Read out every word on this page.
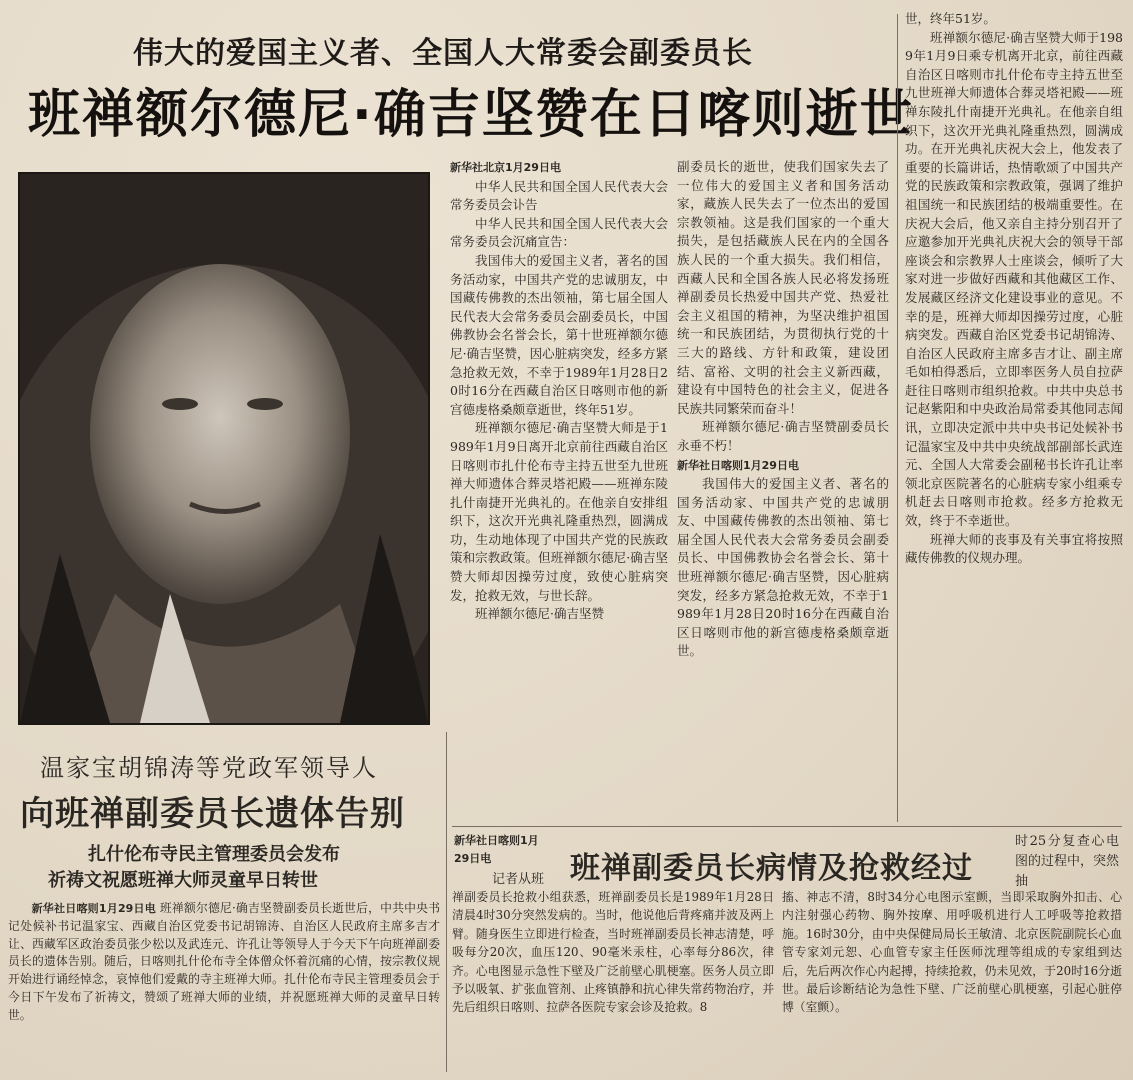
伟大的爱国主义者、全国人大常委会副委员长
班禅额尔德尼·确吉坚赞在日喀则逝世

新华社北京1月29日电

中华人民共和国全国人民代表大会常务委员会讣告

中华人民共和国全国人民代表大会常务委员会沉痛宣告：

我国伟大的爱国主义者，著名的国务活动家，中国共产党的忠诚朋友，中国藏传佛教的杰出领袖，第七届全国人民代表大会常务委员会副委员长，中国佛教协会名誉会长，第十世班禅额尔德尼·确吉坚赞，因心脏病突发，经多方紧急抢救无效，不幸于1989年1月28日20时16分在西藏自治区日喀则市他的新宫德虔格桑颇章逝世，终年51岁。

班禅额尔德尼·确吉坚赞大师是于1989年1月9日离开北京前往西藏自治区日喀则市扎什伦布寺主持五世至九世班禅大师遗体合葬灵塔祀殿——班禅东陵扎什南捷开光典礼的。在他亲自安排组织下，这次开光典礼隆重热烈，圆满成功，生动地体现了中国共产党的民族政策和宗教政策。但班禅额尔德尼·确吉坚赞大师却因操劳过度，致使心脏病突发，抢救无效，与世长辞。

班禅额尔德尼·确吉坚赞

副委员长的逝世，使我们国家失去了一位伟大的爱国主义者和国务活动家，藏族人民失去了一位杰出的爱国宗教领袖。这是我们国家的一个重大损失，是包括藏族人民在内的全国各族人民的一个重大损失。我们相信，西藏人民和全国各族人民必将发扬班禅副委员长热爱中国共产党、热爱社会主义祖国的精神，为坚决维护祖国统一和民族团结，为贯彻执行党的十三大的路线、方针和政策，建设团结、富裕、文明的社会主义新西藏，建设有中国特色的社会主义，促进各民族共同繁荣而奋斗！

班禅额尔德尼·确吉坚赞副委员长永垂不朽！

新华社日喀则1月29日电

我国伟大的爱国主义者、著名的国务活动家、中国共产党的忠诚朋友、中国藏传佛教的杰出领袖、第七届全国人民代表大会常务委员会副委员长、中国佛教协会名誉会长、第十世班禅额尔德尼·确吉坚赞，因心脏病突发，经多方紧急抢救无效，不幸于1989年1月28日20时16分在西藏自治区日喀则市他的新宫德虔格桑颇章逝世。

世，终年51岁。

班禅额尔德尼·确吉坚赞大师于1989年1月9日乘专机离开北京，前往西藏自治区日喀则市扎什伦布寺主持五世至九世班禅大师遗体合葬灵塔祀殿——班禅东陵扎什南捷开光典礼。在他亲自组织下，这次开光典礼隆重热烈，圆满成功。在开光典礼庆祝大会上，他发表了重要的长篇讲话，热情歌颂了中国共产党的民族政策和宗教政策，强调了维护祖国统一和民族团结的极端重要性。在庆祝大会后，他又亲自主持分别召开了应邀参加开光典礼庆祝大会的领导干部座谈会和宗教界人士座谈会，倾听了大家对进一步做好西藏和其他藏区工作、发展藏区经济文化建设事业的意见。不幸的是，班禅大师却因操劳过度，心脏病突发。西藏自治区党委书记胡锦涛、自治区人民政府主席多吉才让、副主席毛如柏得悉后，立即率医务人员自拉萨赶往日喀则市组织抢救。中共中央总书记赵紫阳和中央政治局常委其他同志闻讯，立即决定派中共中央书记处候补书记温家宝及中共中央统战部副部长武连元、全国人大常委会副秘书长许孔让率领北京医院著名的心脏病专家小组乘专机赶去日喀则市抢救。经多方抢救无效，终于不幸逝世。

班禅大师的丧事及有关事宜将按照藏传佛教的仪规办理。

温家宝胡锦涛等党政军领导人
向班禅副委员长遗体告别
扎什伦布寺民主管理委员会发布
祈祷文祝愿班禅大师灵童早日转世

新华社日喀则1月29日电 班禅额尔德尼·确吉坚赞副委员长逝世后，中共中央书记处候补书记温家宝、西藏自治区党委书记胡锦涛、自治区人民政府主席多吉才让、西藏军区政治委员张少松以及武连元、许孔让等领导人于今天下午向班禅副委员长的遗体告别。随后，日喀则扎什伦布寺全体僧众怀着沉痛的心情，按宗教仪规开始进行诵经悼念，哀悼他们爱戴的寺主班禅大师。扎什伦布寺民主管理委员会于今日下午发布了祈祷文，赞颂了班禅大师的业绩，并祝愿班禅大师的灵童早日转世。

新华社日喀则1月29日电
记者从班 班禅副委员长病情及抢救经过

时25分复查心电图的过程中，突然抽

禅副委员长抢救小组获悉，班禅副委员长是1989年1月28日清晨4时30分突然发病的。当时，他说他后背疼痛并波及两上臂。随身医生立即进行检查，当时班禅副委员长神志清楚，呼吸每分20次，血压120、90毫米汞柱，心率每分86次，律齐。心电图显示急性下壁及广泛前壁心肌梗塞。医务人员立即予以吸氧、扩张血管剂、止疼镇静和抗心律失常药物治疗，并先后组织日喀则、拉萨各医院专家会诊及抢救。8

搐、神志不清，8时34分心电图示室颤，当即采取胸外扣击、心内注射强心药物、胸外按摩、用呼吸机进行人工呼吸等抢救措施。16时30分，由中央保健局局长王敏清、北京医院副院长心血管专家刘元恕、心血管专家主任医师沈理等组成的专家组到达后，先后两次作心内起搏，持续抢救，仍未见效，于20时16分逝世。最后诊断结论为急性下壁、广泛前壁心肌梗塞，引起心脏停博（室颤）。
